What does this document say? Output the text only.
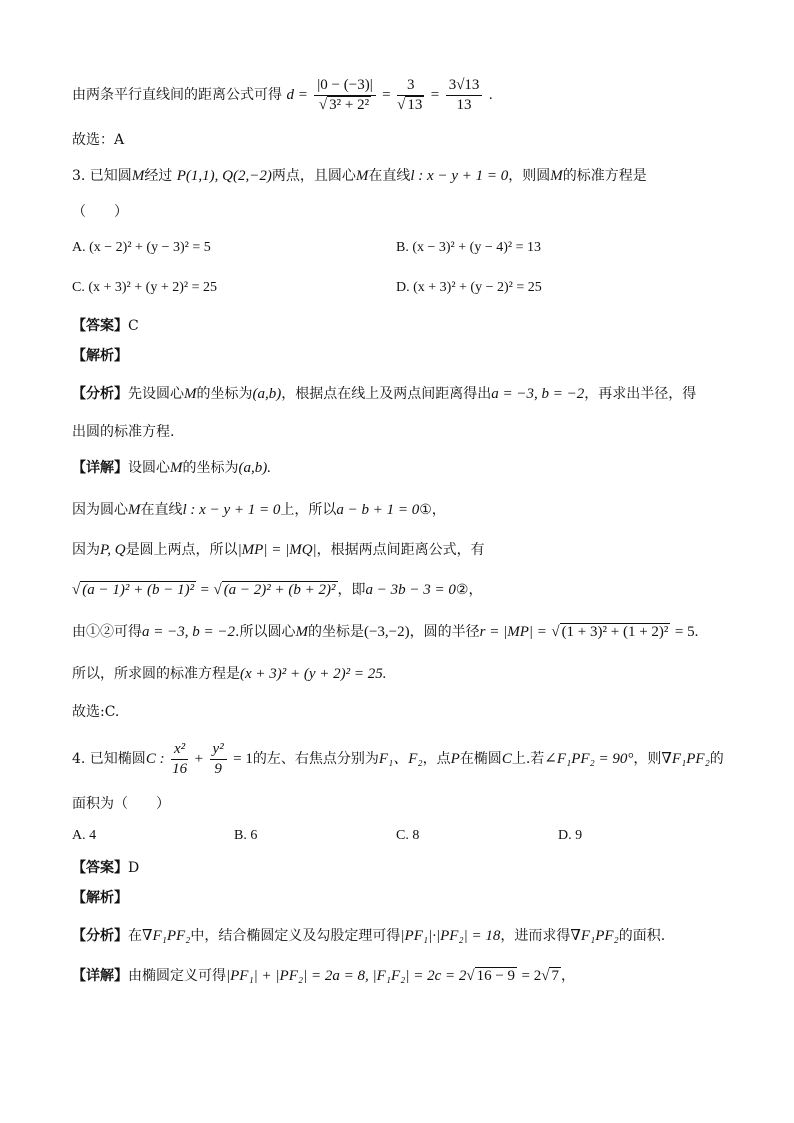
由两条平行直线间的距离公式可得 $d = \frac{|0 - (-3)|}{\text{√ 3² + 2²}} = \frac{3}{√ 13} = \frac{3√13}{13}$ .
故选：A
3. 已知圆M经过 P(1,1), Q(2,−2)两点，且圆心M在直线l : x − y + 1 = 0，则圆M的标准方程是
（　　）
A. (x − 2)² + (y − 3)² = 5	B. (x − 3)² + (y − 4)² = 13
C. (x + 3)² + (y + 2)² = 25	D. (x + 3)² + (y − 2)² = 25
【答案】C
【解析】
【分析】先设圆心M的坐标为(a,b)，根据点在线上及两点间距离得出a = −3, b = −2，再求出半径，得
出圆的标准方程.
【详解】设圆心M的坐标为(a,b).
因为圆心M在直线l : x − y + 1 = 0上，所以a − b + 1 = 0①，
因为P, Q是圆上两点，所以|MP| = |MQ|，根据两点间距离公式，有
√ (a − 1)² + (b − 1)² = √ (a − 2)² + (b + 2)² ，即a − 3b − 3 = 0②，
由①②可得a = −3, b = −2.所以圆心M的坐标是(−3,−2)，圆的半径r = |MP| = √ (1 + 3)² + (1 + 2)² = 5.
所以，所求圆的标准方程是(x + 3)² + (y + 2)² = 25.
故选:C.
4. 已知椭圆C : $\frac{\text{x²}}{16} + \frac{\text{y²}}{9} = 1$的左、右焦点分别为F₁、F₂，点P在椭圆C上.若∠F₁PF₂ = 90°，则∇F₁PF₂的
面积为（　　）
A. 4	B. 6	C. 8	D. 9
【答案】D
【解析】
【分析】在∇F₁PF₂中，结合椭圆定义及勾股定理可得|PF₁|·|PF₂| = 18，进而求得∇F₁PF₂的面积.
【详解】由椭圆定义可得|PF₁| + |PF₂| = 2a = 8, |F₁F₂| = 2c = 2√ 16 − 9 = 2√ 7 ，
